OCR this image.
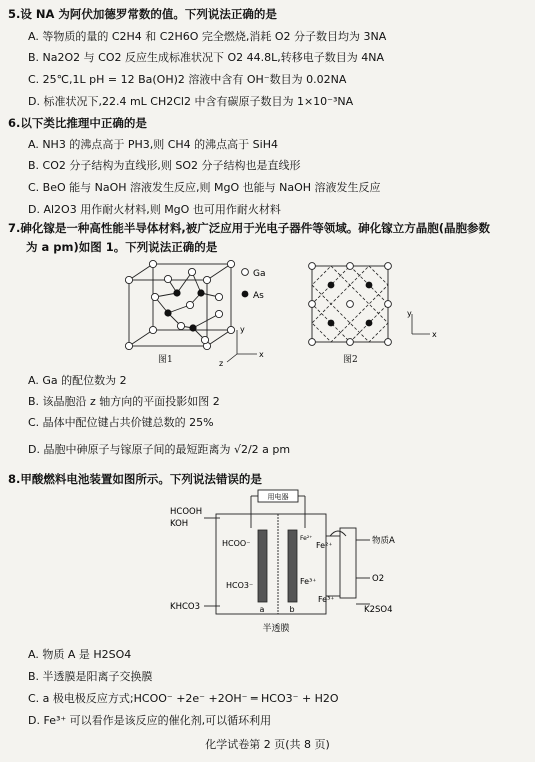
5.设 NA 为阿伏加德罗常数的值。下列说法正确的是
A. 等物质的量的 C2H4 和 C2H6O 完全燃烧,消耗 O2 分子数目均为 3NA
B. Na2O2 与 CO2 反应生成标准状况下 O2 44.8L,转移电子数目为 4NA
C. 25℃,1L pH = 12 Ba(OH)2 溶液中含有 OH⁻数目为 0.02NA
D. 标准状况下,22.4 mL CH2Cl2 中含有碳原子数目为 1×10⁻³NA
6.以下类比推理中正确的是
A. NH3 的沸点高于 PH3,则 CH4 的沸点高于 SiH4
B. CO2 分子结构为直线形,则 SO2 分子结构也是直线形
C. BeO 能与 NaOH 溶液发生反应,则 MgO 也能与 NaOH 溶液发生反应
D. Al2O3 用作耐火材料,则 MgO 也可用作耐火材料
7.砷化镓是一种高性能半导体材料,被广泛应用于光电子器件等领域。砷化镓立方晶胞(晶胞参数
为 a pm)如图 1。下列说法正确的是
Ga
As
y
x
z
图1
y
x
图2
A. Ga 的配位数为 2
B. 该晶胞沿 z 轴方向的平面投影如图 2
C. 晶体中配位键占共价键总数的 25%
D. 晶胞中砷原子与镓原子间的最短距离为 √2/2 a pm
8.甲酸燃料电池装置如图所示。下列说法错误的是
用电器
a	b
HCOOH
KOH
HCOO⁻
HCO3⁻
KHCO3
Fe²⁺
Fe²⁺
Fe³⁺
Fe³⁺
物质A
O2
K2SO4
半透膜
A. 物质 A 是 H2SO4
B. 半透膜是阳离子交换膜
C. a 极电极反应方式;HCOO⁻ +2e⁻ +2OH⁻ ═ HCO3⁻ + H2O
D. Fe³⁺ 可以看作是该反应的催化剂,可以循环利用
化学试卷第 2 页(共 8 页)
